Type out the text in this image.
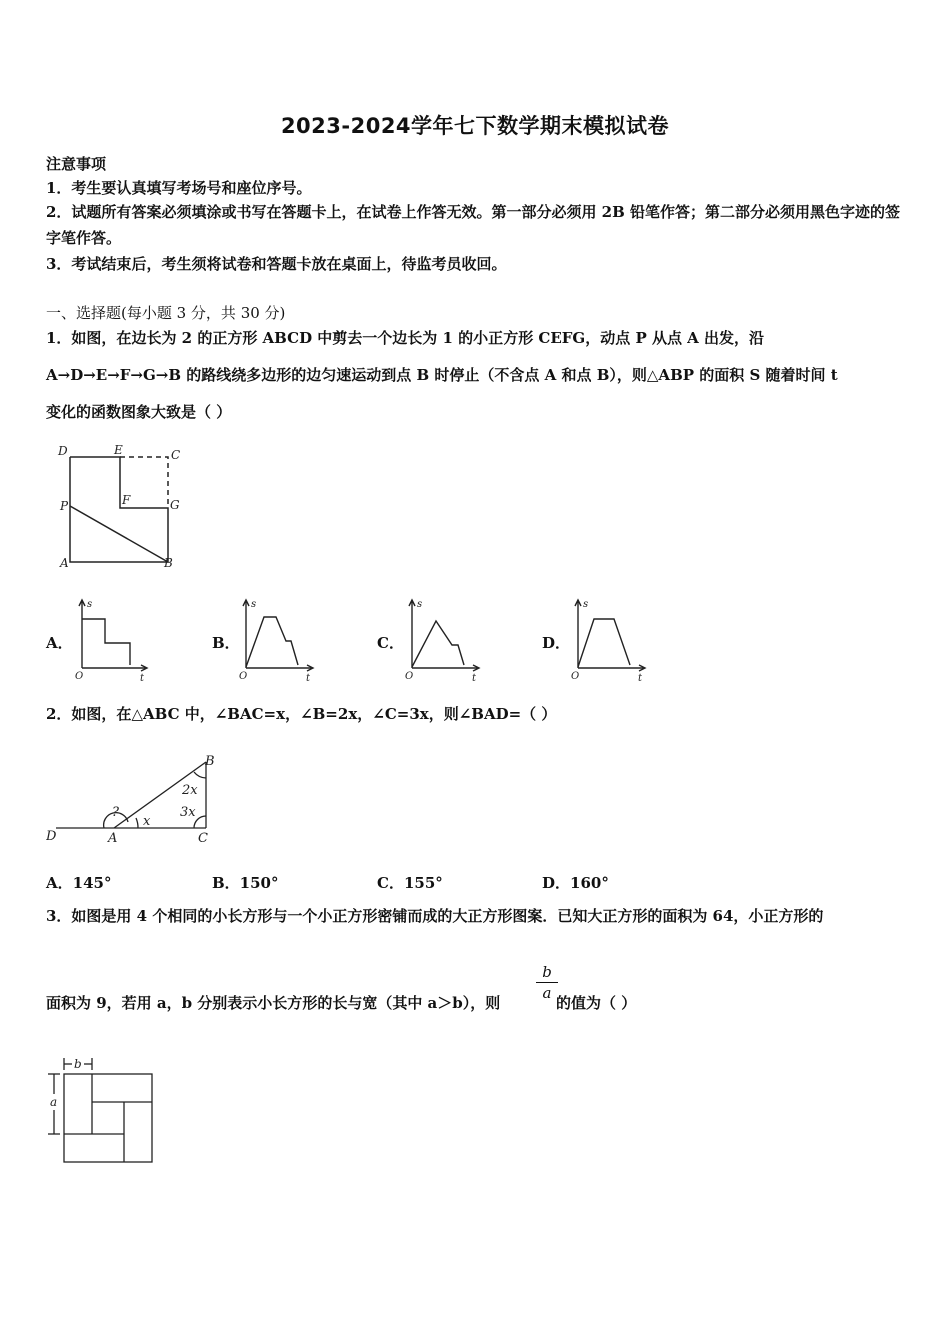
2023-2024学年七下数学期末模拟试卷
注意事项
1．考生要认真填写考场号和座位序号。
2．试题所有答案必须填涂或书写在答题卡上，在试卷上作答无效。第一部分必须用 2B 铅笔作答；第二部分必须用黑色字迹的签字笔作答。
3．考试结束后，考生须将试卷和答题卡放在桌面上，待监考员收回。
一、选择题(每小题 3 分，共 30 分)
1．如图，在边长为 2 的正方形 ABCD 中剪去一个边长为 1 的小正方形 CEFG，动点 P 从点 A 出发，沿
A→D→E→F→G→B 的路线绕多边形的边匀速运动到点 B 时停止（不含点 A 和点 B），则△ABP 的面积 S 随着时间 t
变化的函数图象大致是（ ）
D	E	C
F	G
P
A	B
A．
s
O	t
B．
s
O	t
C．
s
O	t
D．
s
O	t
2．如图，在△ABC 中，∠BAC=x，∠B=2x，∠C=3x，则∠BAD=（ ）
D	A	C
B
?
x
2x
3x
A．145°	B．150°	C．155°	D．160°
3．如图是用 4 个相同的小长方形与一个小正方形密铺而成的大正方形图案．已知大正方形的面积为 64，小正方形的
面积为 9，若用 a，b 分别表示小长方形的长与宽（其中 a＞b），则
b
a
的值为（ ）
b
a
